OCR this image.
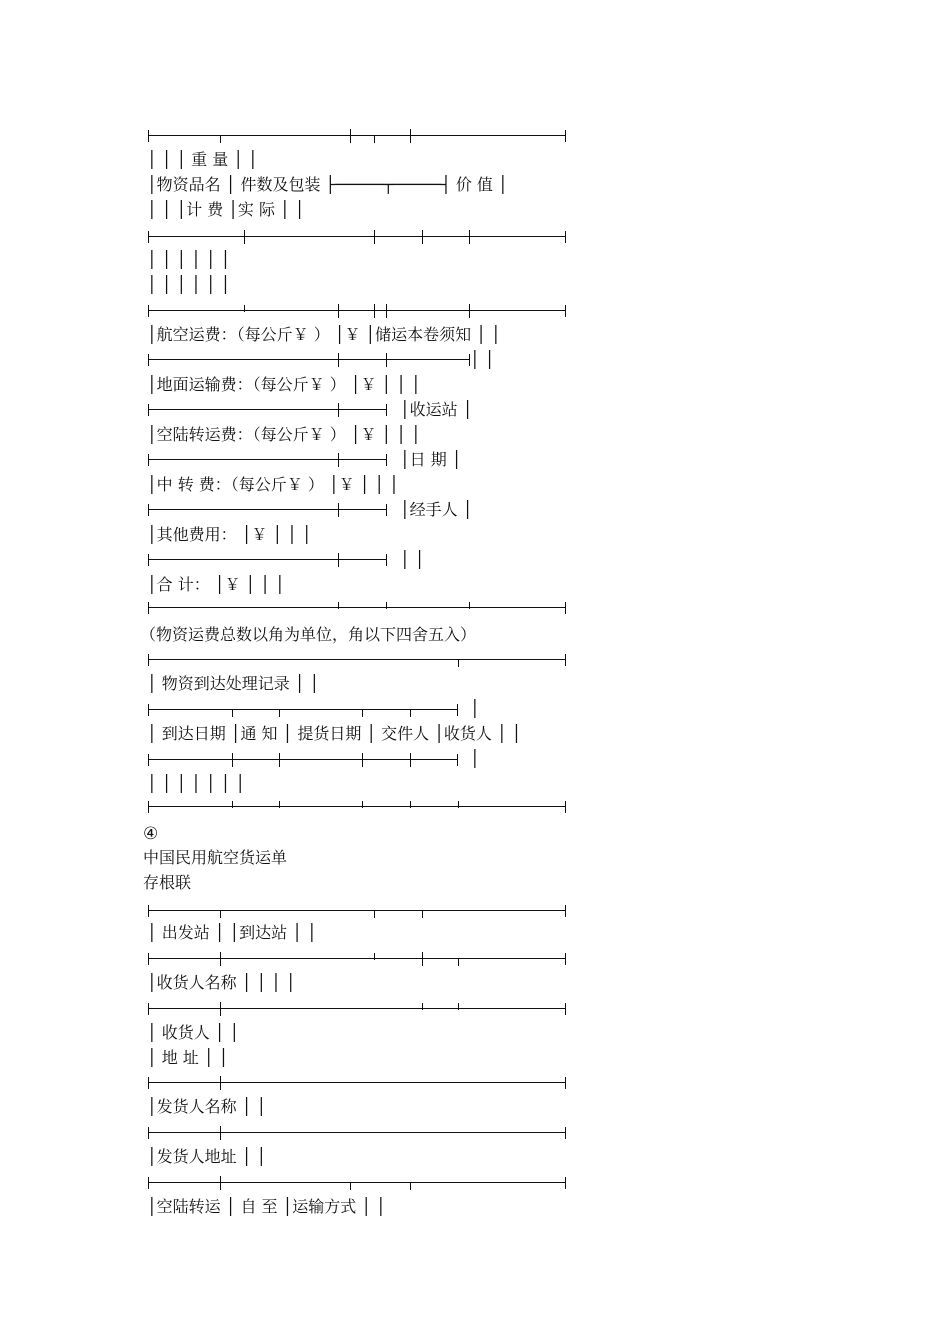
│ │ │ 重 量 │ │
│物资品名 │ 件数及包装 ├─────┬─────┤ 价 值 │
│ │ │计 费 │实 际 │ │
│ │ │ │ │ │
│ │ │ │ │ │
│航空运费：（每公斤￥ ） │￥ │储运本卷须知 │ │
│ │
│地面运输费：（每公斤￥ ） │￥ │ │ │
│收运站 │
│空陆转运费：（每公斤￥ ） │￥ │ │ │
│日 期 │
│中 转 费：（每公斤￥ ） │￥ │ │ │
│经手人 │
│其他费用： │￥ │ │ │
│ │
│合 计： │￥ │ │ │
（物资运费总数以角为单位，角以下四舍五入）
│ 物资到达处理记录 │ │
│
│ 到达日期 │通 知 │ 提货日期 │ 交件人 │收货人 │ │
│
│ │ │ │ │ │ │
④
中国民用航空货运单
存根联
│ 出发站 │ │到达站 │ │
│收货人名称 │ │ │ │
│ 收货人 │ │
│ 地 址 │ │
│发货人名称 │ │
│发货人地址 │ │
│空陆转运 │ 自 至 │运输方式 │ │
